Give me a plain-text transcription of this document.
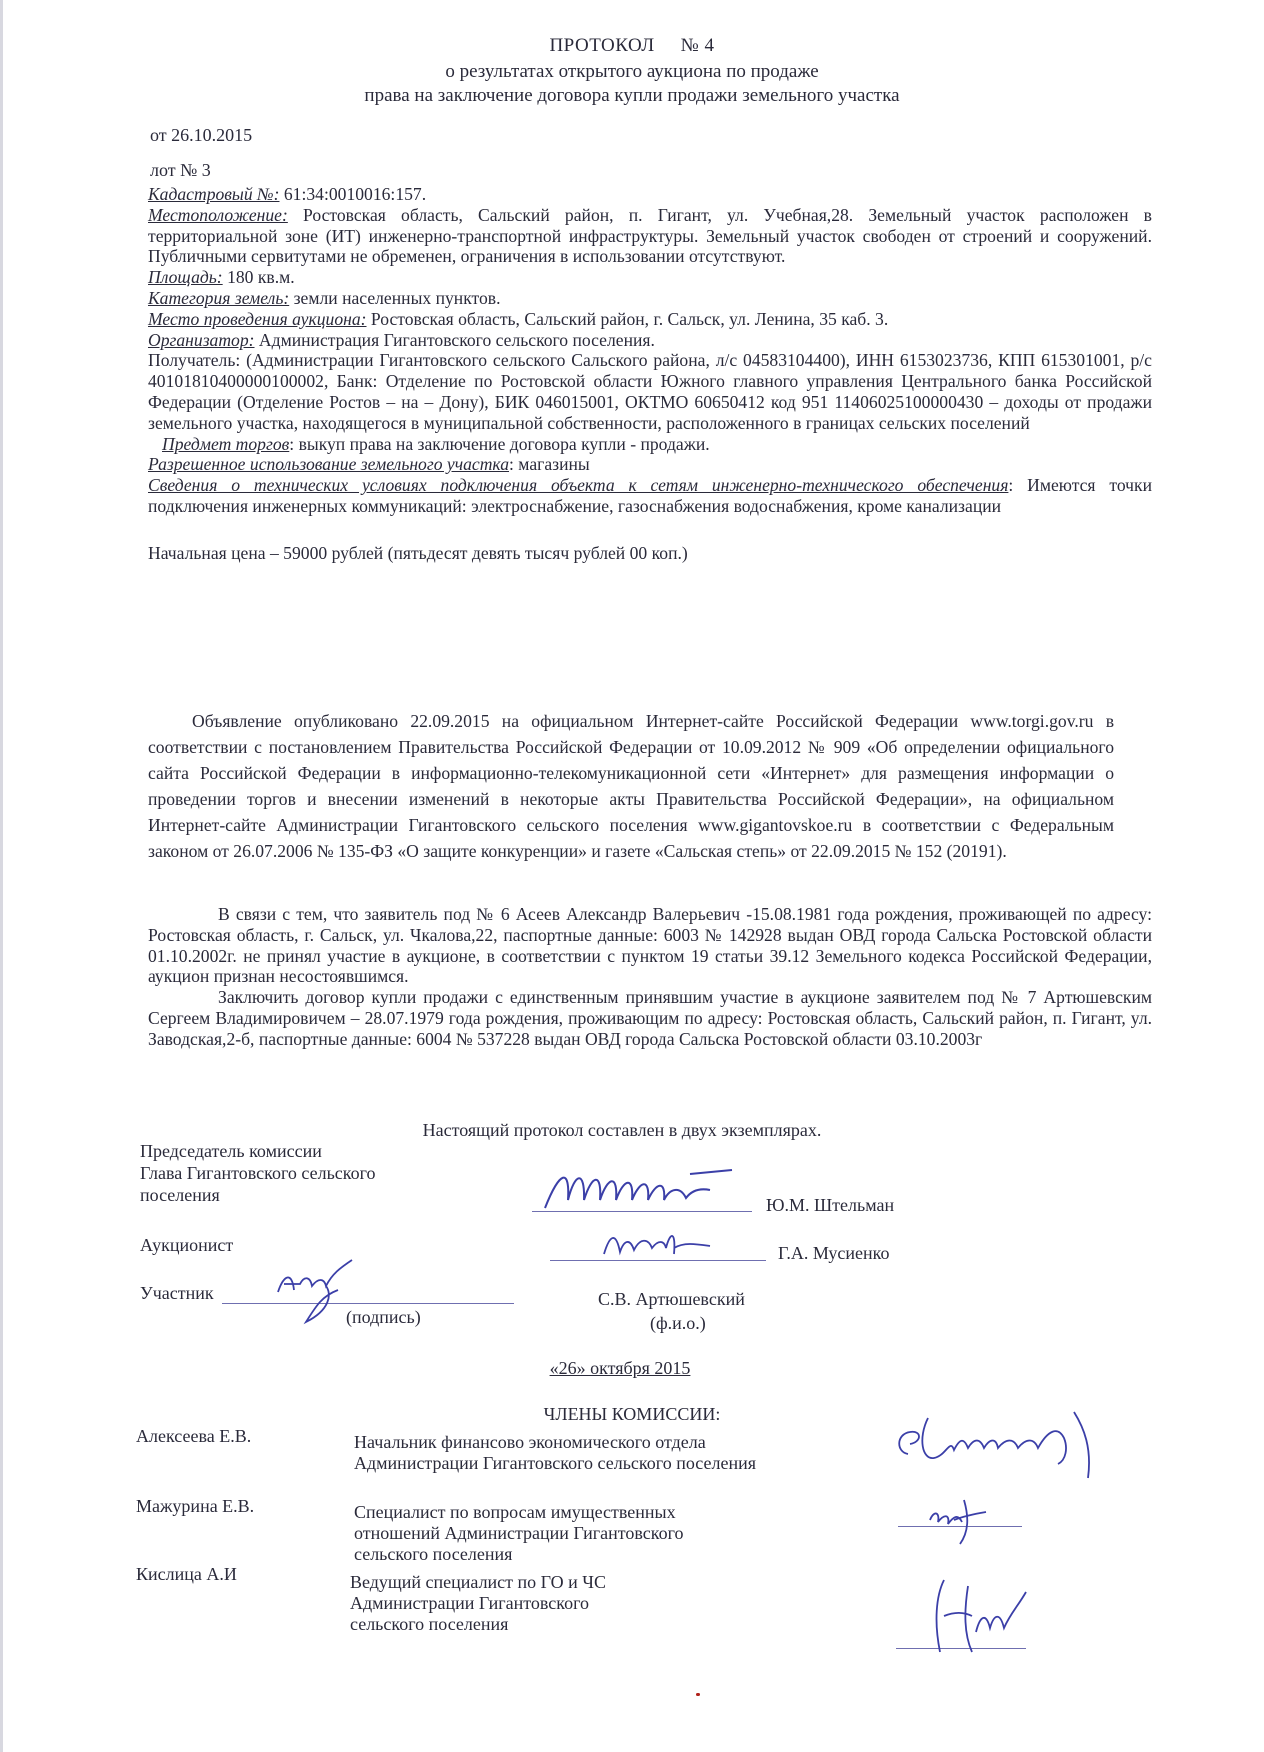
ПРОТОКОЛ № 4
о результатах открытого аукциона по продаже
права на заключение договора купли продажи земельного участка
от 26.10.2015
лот № 3

Кадастровый №: 61:34:0010016:157.

Местоположение: Ростовская область, Сальский район, п. Гигант, ул. Учебная,28. Земельный участок расположен в территориальной зоне (ИТ) инженерно-транспортной инфраструктуры. Земельный участок свободен от строений и сооружений. Публичными сервитутами не обременен, ограничения в использовании отсутствуют.

Площадь: 180 кв.м.

Категория земель: земли населенных пунктов.

Место проведения аукциона: Ростовская область, Сальский район, г. Сальск, ул. Ленина, 35 каб. 3.

Организатор: Администрация Гигантовского сельского поселения.

Получатель: (Администрации Гигантовского сельского Сальского района, л/с 04583104400), ИНН 6153023736, КПП 615301001, р/с 40101810400000100002, Банк: Отделение по Ростовской области Южного главного управления Центрального банка Российской Федерации (Отделение Ростов – на – Дону), БИК 046015001, ОКТМО 60650412 код 951 11406025100000430 – доходы от продажи земельного участка, находящегося в муниципальной собственности, расположенного в границах сельских поселений

Предмет торгов: выкуп права на заключение договора купли - продажи.

Разрешенное использование земельного участка: магазины

Сведения о технических условиях подключения объекта к сетям инженерно-технического обеспечения: Имеются точки подключения инженерных коммуникаций: электроснабжение, газоснабжения водоснабжения, кроме канализации

Начальная цена – 59000 рублей (пятьдесят девять тысяч рублей 00 коп.)

Объявление опубликовано 22.09.2015 на официальном Интернет-сайте Российской Федерации www.torgi.gov.ru в соответствии с постановлением Правительства Российской Федерации от 10.09.2012 № 909 «Об определении официального сайта Российской Федерации в информационно-телекомуникационной сети «Интернет» для размещения информации о проведении торгов и внесении изменений в некоторые акты Правительства Российской Федерации», на официальном Интернет-сайте Администрации Гигантовского сельского поселения www.gigantovskoe.ru в соответствии с Федеральным законом от 26.07.2006 № 135-ФЗ «О защите конкуренции» и газете «Сальская степь» от 22.09.2015 № 152 (20191).

В связи с тем, что заявитель под № 6 Асеев Александр Валерьевич -15.08.1981 года рождения, проживающей по адресу: Ростовская область, г. Сальск, ул. Чкалова,22, паспортные данные: 6003 № 142928 выдан ОВД города Сальска Ростовской области 01.10.2002г. не принял участие в аукционе, в соответствии с пунктом 19 статьи 39.12 Земельного кодекса Российской Федерации, аукцион признан несостоявшимся.

Заключить договор купли продажи с единственным принявшим участие в аукционе заявителем под № 7 Артюшевским Сергеем Владимировичем – 28.07.1979 года рождения, проживающим по адресу: Ростовская область, Сальский район, п. Гигант, ул. Заводская,2-б, паспортные данные: 6004 № 537228 выдан ОВД города Сальска Ростовской области 03.10.2003г

Настоящий протокол составлен в двух экземплярах.
Председатель комиссии
Глава Гигантовского сельского
поселения	Ю.М. Штельман
Аукционист	Г.А. Мусиенко
Участник
(подпись)
С.В. Артюшевский
(ф.и.о.)
«26» октября 2015
ЧЛЕНЫ КОМИССИИ:
Алексеева Е.В.	Начальник финансово экономического отдела
Администрации Гигантовского сельского поселения
Мажурина Е.В.	Специалист по вопросам имущественных
отношений Администрации Гигантовского
сельского поселения
Кислица А.И	Ведущий специалист по ГО и ЧС
Администрации Гигантовского
сельского поселения
